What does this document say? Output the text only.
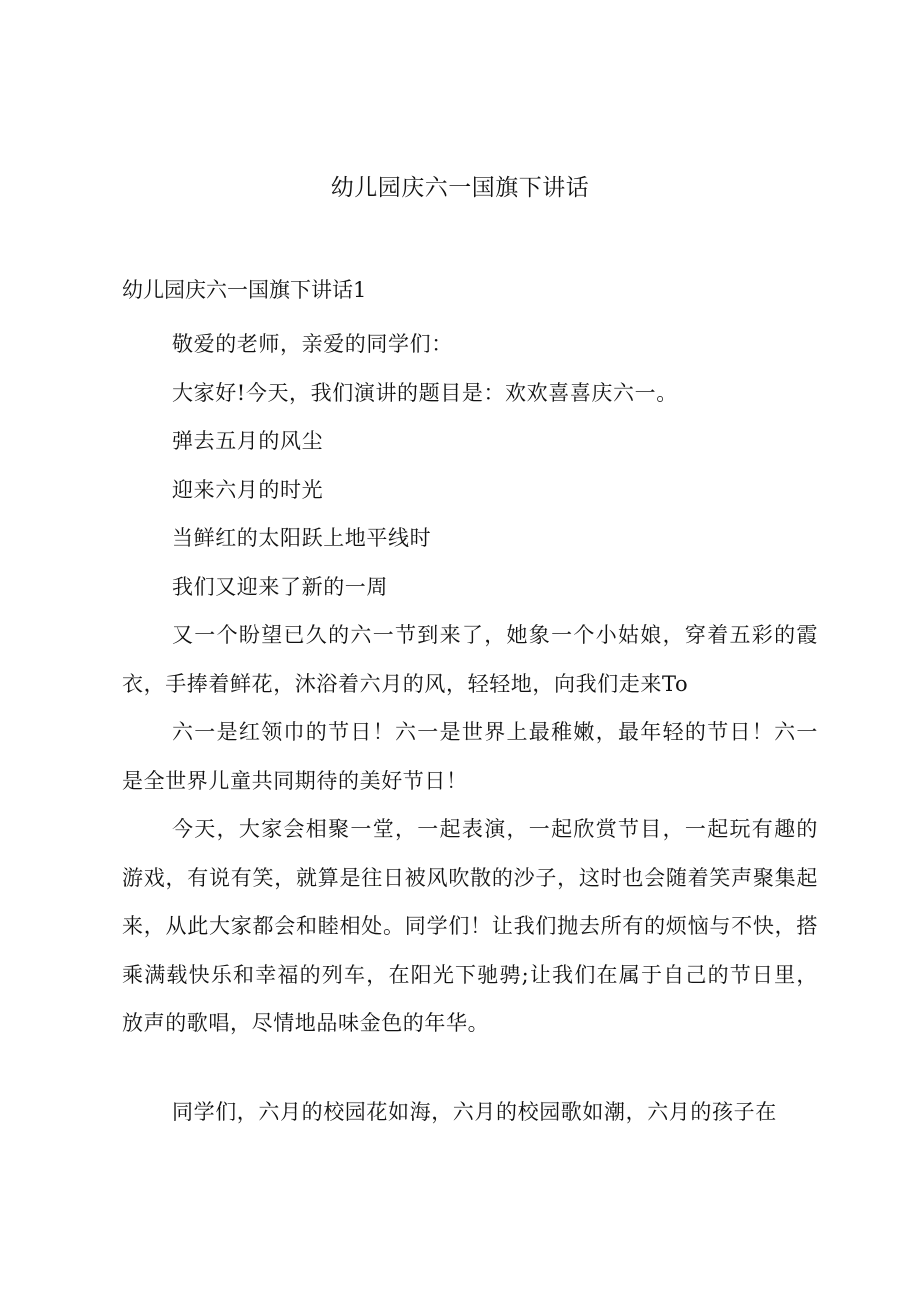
幼儿园庆六一国旗下讲话
幼儿园庆六一国旗下讲话1

敬爱的老师，亲爱的同学们：

大家好!今天，我们演讲的题目是：欢欢喜喜庆六一。

弹去五月的风尘

迎来六月的时光

当鲜红的太阳跃上地平线时

我们又迎来了新的一周

又一个盼望已久的六一节到来了，她象一个小姑娘，穿着五彩的霞衣，手捧着鲜花，沐浴着六月的风，轻轻地，向我们走来To

六一是红领巾的节日！六一是世界上最稚嫩，最年轻的节日！六一是全世界儿童共同期待的美好节日！

今天，大家会相聚一堂，一起表演，一起欣赏节目，一起玩有趣的游戏，有说有笑，就算是往日被风吹散的沙子，这时也会随着笑声聚集起来，从此大家都会和睦相处。同学们！让我们抛去所有的烦恼与不快，搭乘满载快乐和幸福的列车，在阳光下驰骋;让我们在属于自己的节日里，放声的歌唱，尽情地品味金色的年华。

同学们，六月的校园花如海，六月的校园歌如潮，六月的孩子在
